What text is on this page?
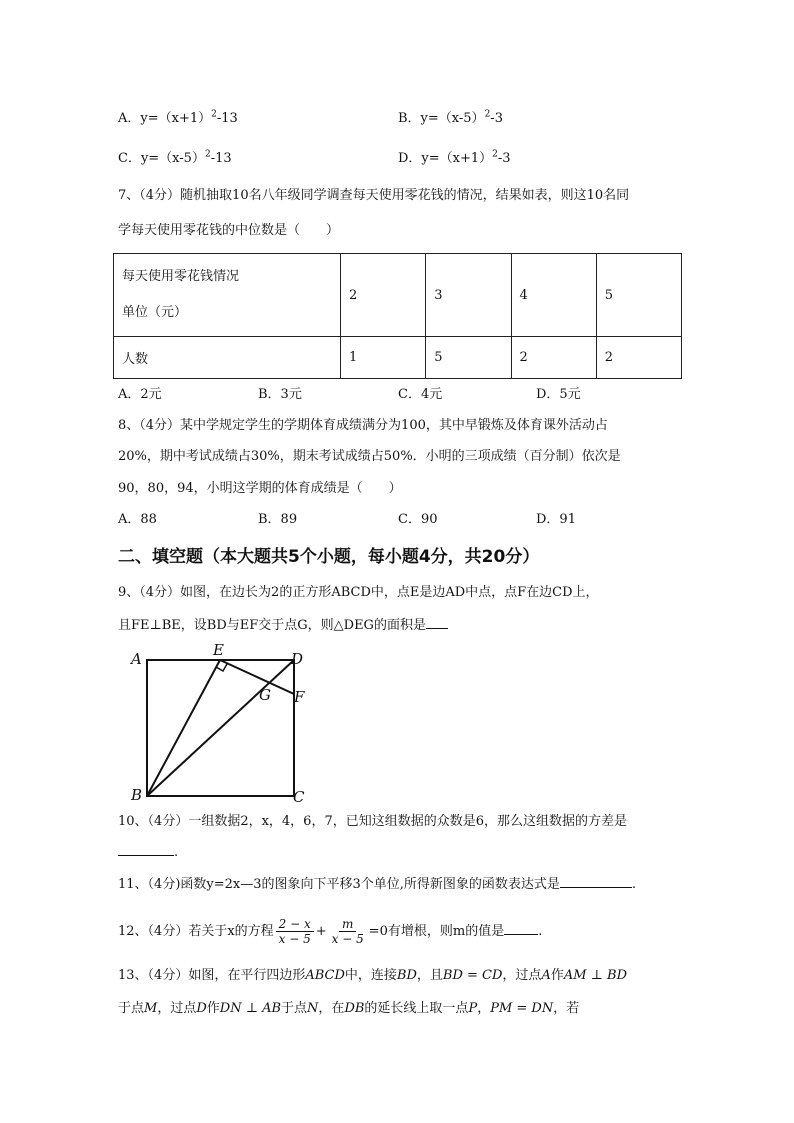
A．$y=(x+1)^2-13$	B．$y=(x-5)^2-3$
C．$y=(x-5)^2-13$	D．$y=(x+1)^2-3$
7、（4分）随机抽取10名八年级同学调查每天使用零花钱的情况，结果如表，则这10名同
学每天使用零花钱的中位数是（　　）
每天使用零花钱情况
单位（元）	2	3	4	5
人数	1	5	2	2
A．2元	B．3元	C．4元	D．5元
8、（4分）某中学规定学生的学期体育成绩满分为100，其中早锻炼及体育课外活动占
20%，期中考试成绩占30%，期末考试成绩占50%．小明的三项成绩（百分制）依次是
90，80，94，小明这学期的体育成绩是（　　）
A．88	B．89	C．90	D．91
二、填空题（本大题共5个小题，每小题4分，共20分）
9、（4分）如图，在边长为2的正方形ABCD中，点E是边AD中点，点F在边CD上，
且FE⊥BE，设BD与EF交于点G，则△DEG的面积是
A	E	D
G F
B	C
10、（4分）一组数据2，x，4，6，7，已知这组数据的众数是6，那么这组数据的方差是
.
11、（4分)函数y=2x—3的图象向下平移3个单位,所得新图象的函数表达式是	.
12、（4分）若关于x的方程 $\frac{2 - x}{x - 5} + \frac{m}{x - 5} =0$有增根，则m的值是	.
13、（4分）如图，在平行四边形ABCD中，连接BD，且BD = CD，过点A作AM ⊥ BD
于点M，过点D作DN ⊥ AB于点N，在DB的延长线上取一点P，PM = DN，若
